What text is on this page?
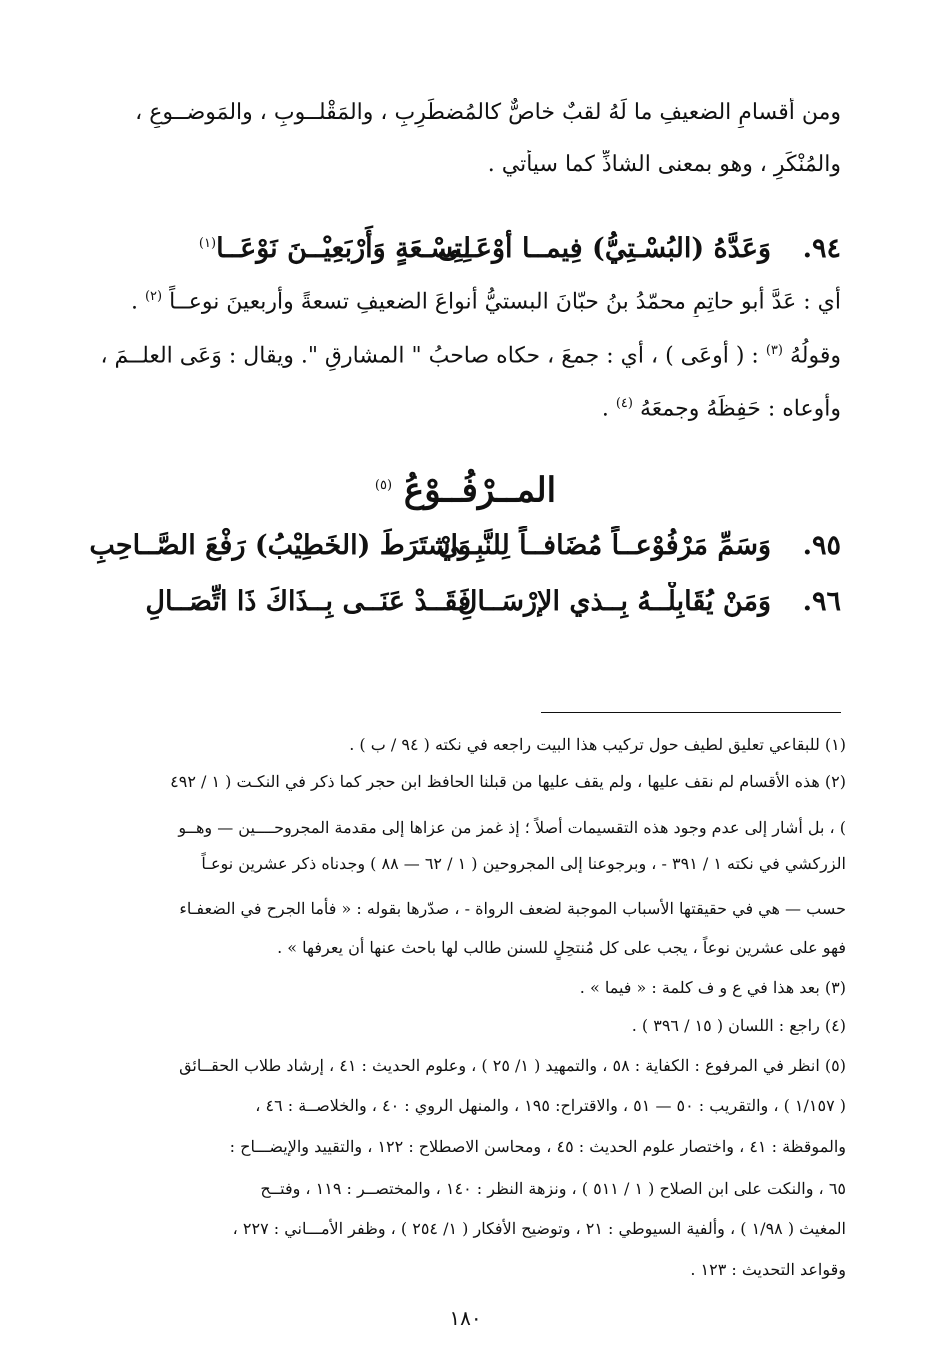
ومن أقسامِ الضعيفِ ما لَهُ لقبٌ خاصٌّ كالمُضطَرِبِ ، والمَقْلــوبِ ، والمَوضــوعِ ،
والمُنْكَرِ ، وهو بمعنى الشاذِّ كما سيأتي .
٩٤.وَعَدَّهُ (البُسْـتِيُّ) فِيمــا أوْعَــىلِتِسْـعَةٍ وَأَرْبَعِيْــنَ نَوْعَــا$^{(١)}$
أي : عَدَّ أبو حاتِمِ محمّدُ بنُ حبّانَ البستيُّ أنواعَ الضعيفِ تسعةً وأربعينَ نوعــاً $^{(٢)}$ .
وقولُهُ $^{(٣)}$ : ( أوعَى ) ، أي : جمعَ ، حكاه صاحبُ " المشارقِ ". ويقال : وَعَى العلــمَ ،
وأوعاه : حَفِظَهُ وجمعَهُ $^{(٤)}$ .
المــرْفُــوْعُ $^{(٥)}$
٩٥.وَسَمِّ مَرْفُوْعــاً مُضَافــاً لِلنَّبِــيْوَاشتَرَطَ (الخَطِيْبُ) رَفْعَ الصَّــاحِبِ
٩٦.وَمَنْ يُقَابِلْــهُ بِــذي الإرْسَــالِفَقَــدْ عَنَــى بِــذَاكَ ذَا اتِّصَــالِ
(١) للبقاعي تعليق لطيف حول تركيب هذا البيت راجعه في نكته ( ٩٤ / ب ) .
(٢) هذه الأقسام لم نقف عليها ، ولم يقف عليها من قبلنا الحافظ ابن حجر كما ذكر في النكـت ( ١ / ٤٩٢
) ، بل أشار إلى عدم وجود هذه التقسيمات أصلاً ؛ إذ غمز من عزاها إلى مقدمة المجروحــــين — وهــو
الزركشي في نكته ١ / ٣٩١ - ، وبرجوعنا إلى المجروحين ( ١ / ٦٢ — ٨٨ ) وجدناه ذكر عشرين نوعـاً
حسب — هي في حقيقتها الأسباب الموجبة لضعف الرواة - ، صدّرها بقوله : « فأما الجرح في الضعفـاء
فهو على عشرين نوعاً ، يجب على كل مُنتحِلٍ للسنن طالب لها باحث عنها أن يعرفها » .
(٣) بعد هذا في ع و ف كلمة : « فيما » .
(٤) راجع : اللسان ( ١٥ / ٣٩٦ ) .
(٥) انظر في المرفوع : الكفاية : ٥٨ ، والتمهيد ( ١/ ٢٥ ) ، وعلوم الحديث : ٤١ ، إرشاد طلاب الحقــائق
( ١/١٥٧ ) ، والتقريب : ٥٠ — ٥١ ، والاقتراح: ١٩٥ ، والمنهل الروي : ٤٠ ، والخلاصــة : ٤٦ ،
والموقظة : ٤١ ، واختصار علوم الحديث : ٤٥ ، ومحاسن الاصطلاح : ١٢٢ ، والتقييد والإيضـــاح :
٦٥ ، والنكت على ابن الصلاح ( ١ / ٥١١ ) ، ونزهة النظر : ١٤٠ ، والمختصــر : ١١٩ ، وفتــح
المغيث ( ١/٩٨ ) ، وألفية السيوطي : ٢١ ، وتوضيح الأفكار ( ١/ ٢٥٤ ) ، وظفر الأمـــاني : ٢٢٧ ،
وقواعد التحديث : ١٢٣ .
١٨٠
